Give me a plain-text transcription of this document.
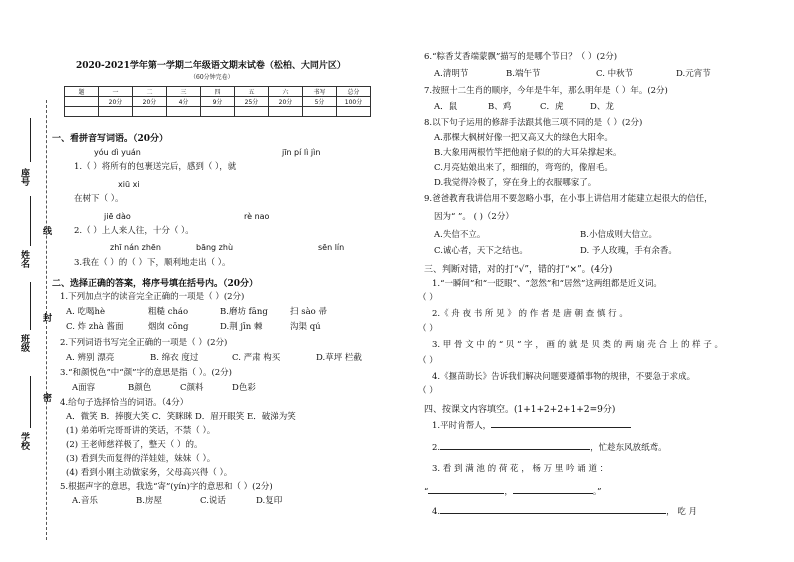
座号
姓名
线
班级
封
学校
密
2020-2021学年第一学期二年级语文期末试卷（松柏、大同片区）
（60分钟完卷）
题	一	二	三	四	五	六	书写	总分
	20分	20分	4分	9分	25分	20分	5分	100分

一、看拼音写词语。（20分）
yóu dì yuán	jīn pí lì jìn
1.（ ）将所有的包裹送完后，感到（ ），就
xiū xi
在树下（ ）。
jiē dào	rè nao
2.（ ）上人来人往，十分（ ）。
zhī nán zhēn	bāng zhù	sēn lín
3.我在（ ）的（ ）下，顺利地走出（ ）。
二、选择正确的答案，将序号填在括号内。（20分）
1.下列加点字的读音完全正确的一项是（ ）(2分)
A. 吃喝hè	粗糙 cháo	B.磨坊 fāng	扫 sào 帚
C. 炸 zhà 酱面	烟囱 cōng	D.荆 jīn 棘	沟渠 qú
2.下列词语书写完全正确的一项是（ ）(2分)
A. 辨别 漂亮	B. 绵衣 度过	C. 严肃 构买	D.草坪 栏截
3.“和颜悦色”中“颜”字的意思是指（ ）。(2分)
A面容	B颜色	C颜料	D色彩
4.给句子选择恰当的词语。（4分）
A．微笑 B．捧腹大笑 C．笑眯眯 D．眉开眼笑 E．破涕为笑
(1) 弟弟听完哥哥讲的笑话，不禁（ ）。
(2) 王老师慈祥极了，整天（ ）的。
(3) 看到失而复得的洋娃娃，妹妹（ ）。
(4) 看到小刚主动做家务，父母高兴得（ ）。
5.根据声字的意思，我选“寄”(yín)字的意思和（ ）(2分)
A.音乐	B.房屋	C.说话	D.复印
6.“粽香艾香端蒙飘”描写的是哪个节日？（ ）(2分)
A.清明节	B.端午节	C. 中秋节	D.元宵节
7.按照十二生肖的顺序，今年是牛年，那么明年是（ ）年。(2分)
A．鼠	B、鸡	C．虎	D、龙
8.以下句子运用的修辞手法跟其他三项不同的是（ ）(2分)
A.那棵大枫树好像一把又高又大的绿色大阳伞。
B.大象用两根竹竿把他扇子似的的大耳朵撑起来。
C.月亮姑娘出来了，细细的，弯弯的，像眉毛。
D.我觉得冷极了，穿在身上的衣服哪家了。
9.爸爸教育我讲信用不要忽略小事，在小事上讲信用才能建立起很大的信任，
因为“ ”。 ( )（2分）
A.失信不立。	B.小信成则大信立。
C.诚心者，天下之结也。	D. 予人玫瑰，手有余香。
三、判断对错，对的打“√”，错的打“×”。(4分)
1.“一瞬间”和“一眨眼”、“忽然”和“居然”这两组都是近义词。
（ ）
2.《 舟 夜 书 所 见 》 的 作 者 是 唐 朝 查 慎 行 。
（ ）
3. 甲 骨 文 中 的 “ 贝 ” 字 ， 画 的 就 是 贝 类 的 两 扇 壳 合 上 的 样 子 。
（ ）
4.《揠苗助长》告诉我们解决问题要遵循事物的规律，不要急于求成。
（ ）
四、按课文内容填空。(1+1+2+2+1+2=9分)
1.平时肯帮人，
2.	，忙趁东风放纸鸢。
3. 看 到 满 池 的 荷 花 ， 杨 万 里 吟 诵 道 ：
“	，	。”
4.	， 吃 月
